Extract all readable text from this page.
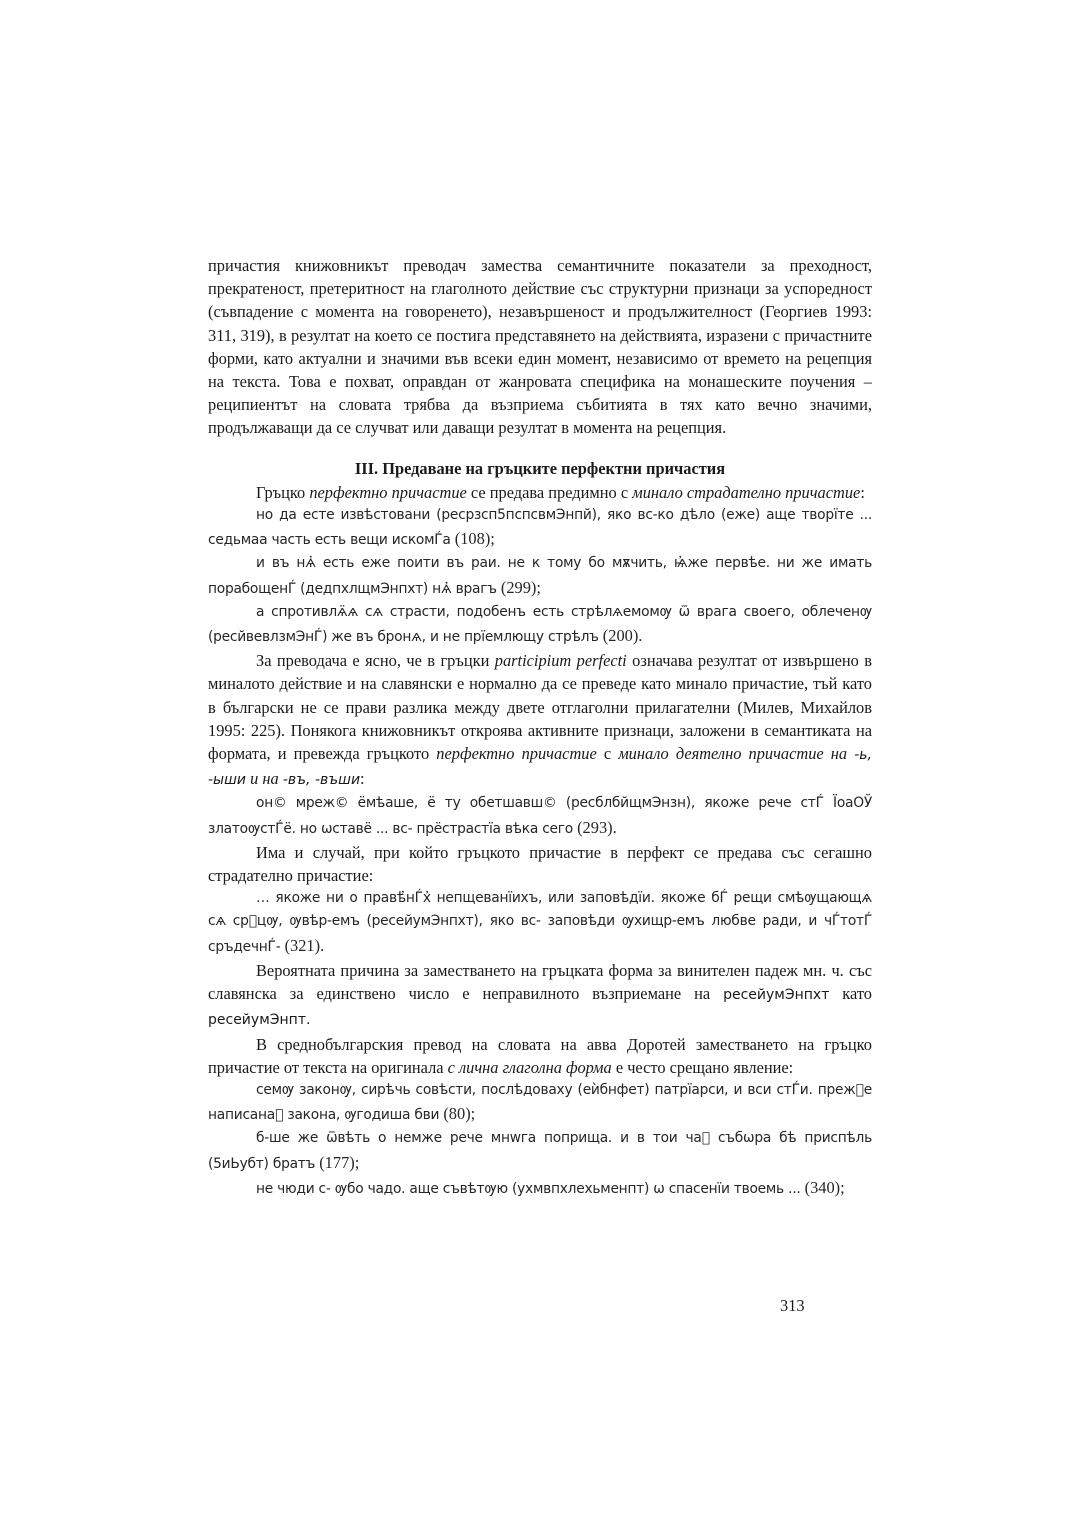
причастия книжовникът преводач замества семантичните показатели за преходност, прекратеност, претеритност на глаголното действие със структурни признаци за успоредност (съвпадение с момента на говоренето), незавършеност и продължителност (Георгиев 1993: 311, 319), в резултат на което се постига представянето на действията, изразени с причастните форми, като актуални и значими във всеки един момент, независимо от времето на рецепция на текста. Това е похват, оправдан от жанровата специфика на монашеските поучения – реципиентът на словата трябва да възприема събитията в тях като вечно значими, продължаващи да се случват или даващи резултат в момента на рецепция.

III. Предаване на гръцките перфектни причастия

Гръцко перфектно причастие се предава предимно с минало страдателно причастие:

но да есте извѣстовани (ресрзсп5пспсвмЭнпй), яко вс-ко дѣло (еже) аще творїте ... седьмаа часть есть вещи искомЃа (108);

и въ нѧ҆ есть еже поити въ раи. не к тому бо мѫчить, ѩ҆же первѣе. ни же имать порабощенЃ (дедпхлщмЭнпхт) нѧ҆ врагъ (299);

а спротивлѧ̈ѧ сѧ страсти, подобенъ есть стрѣлѧемомѹ ѿ врага своего, облеченѹ (ресйвевлзмЭнЃ) же въ бронѧ, и не прїемлющу стрѣлъ (200).

За преводача е ясно, че в гръцки participium perfecti означава резултат от извършено в миналото действие и на славянски е нормално да се преведе като минало причастие, тъй като в български не се прави разлика между двете отглаголни прилагателни (Милев, Михайлов 1995: 225). Понякога книжовникът откроява активните признаци, заложени в семантиката на формата, и превежда гръцкото перфектно причастие с минало деятелно причастие на -ь, -ыши и на -въ, -въши:

он© мреж© ёмѣаше, ё ту обетшавш© (ресблбйщмЭнзн), якоже рече стЃ ЇоаОЎ златоѹстЃё. но ѡставё ... вс- прёстрастїа вѣка сего (293).

Има и случай, при който гръцкото причастие в перфект се предава със сегашно страдателно причастие:

… якоже ни о правѣ҆нЃх҆ непщеванїихъ, или заповѣдїи. якоже бЃ рещи смѣѹщающѧ сѧ срⷣцѹ, ѹвѣр-емъ (ресейумЭнпхт), яко вс- заповѣди ѹхищр-емъ любве ради, и чЃтотЃ сръдечнЃ- (321).

Вероятната причина за заместването на гръцката форма за винителен падеж мн. ч. със славянска за единствено число е неправилното възприемане на ресейумЭнпхт като ресейумЭнпт.

В среднобългарския превод на словата на авва Доротей заместването на гръцко причастие от текста на оригинала с лична глаголна форма е често срещано явление:

семѹ законѹ, сирѣчь совѣсти, послѣдоваху (еѝбнфет) патрїарси, и вси стЃи. прежⷷе написанаⷢ законa, ѹгодиша бви (80);

б-ше же ѿвѣть о немже рече мнwга поприща. и в тои чаⷭ събѡра бѣ приспѣль (5иЬубт) братъ (177);

не чюди с- ѹбо чадо. аще съвѣтѹю (ухмвпхлехьменпт) ѡ спасенїи твоемь ... (340);

313
